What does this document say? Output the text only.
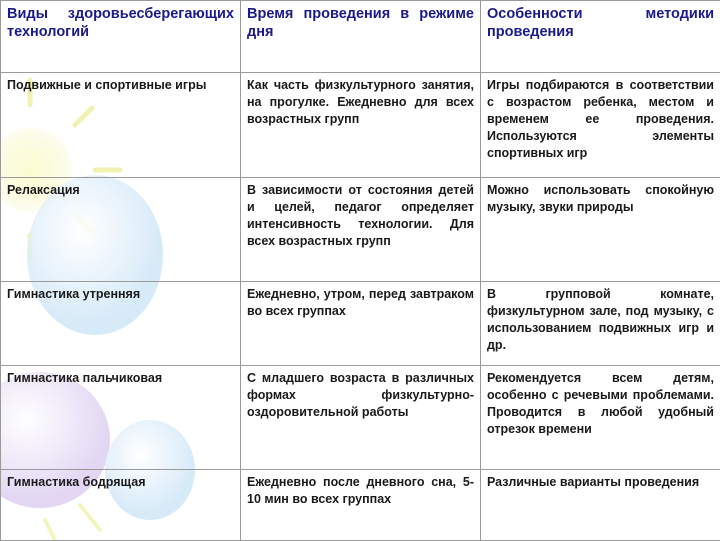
Виды здоровьесберегающих технологий	Время проведения в режиме дня	Особенности методики проведения
Подвижные и спортивные игры	Как часть физкультурного занятия, на прогулке. Ежедневно для всех возрастных групп	Игры подбираются в соответствии с возрастом ребенка, местом и временем ее проведения. Используются элементы спортивных игр
Релаксация	В зависимости от состояния детей и целей, педагог определяет интенсивность технологии. Для всех возрастных групп	Можно использовать спокойную музыку, звуки природы
Гимнастика утренняя	Ежедневно, утром, перед завтраком во всех группах	В групповой комнате, физкультурном зале, под музыку, с использованием подвижных игр и др.
Гимнастика пальчиковая	С младшего возраста в различных формах физкультурно-оздоровительной работы	Рекомендуется всем детям, особенно с речевыми проблемами. Проводится в любой удобный отрезок времени
Гимнастика бодрящая	Ежедневно после дневного сна, 5-10 мин во всех группах	Различные варианты проведения
